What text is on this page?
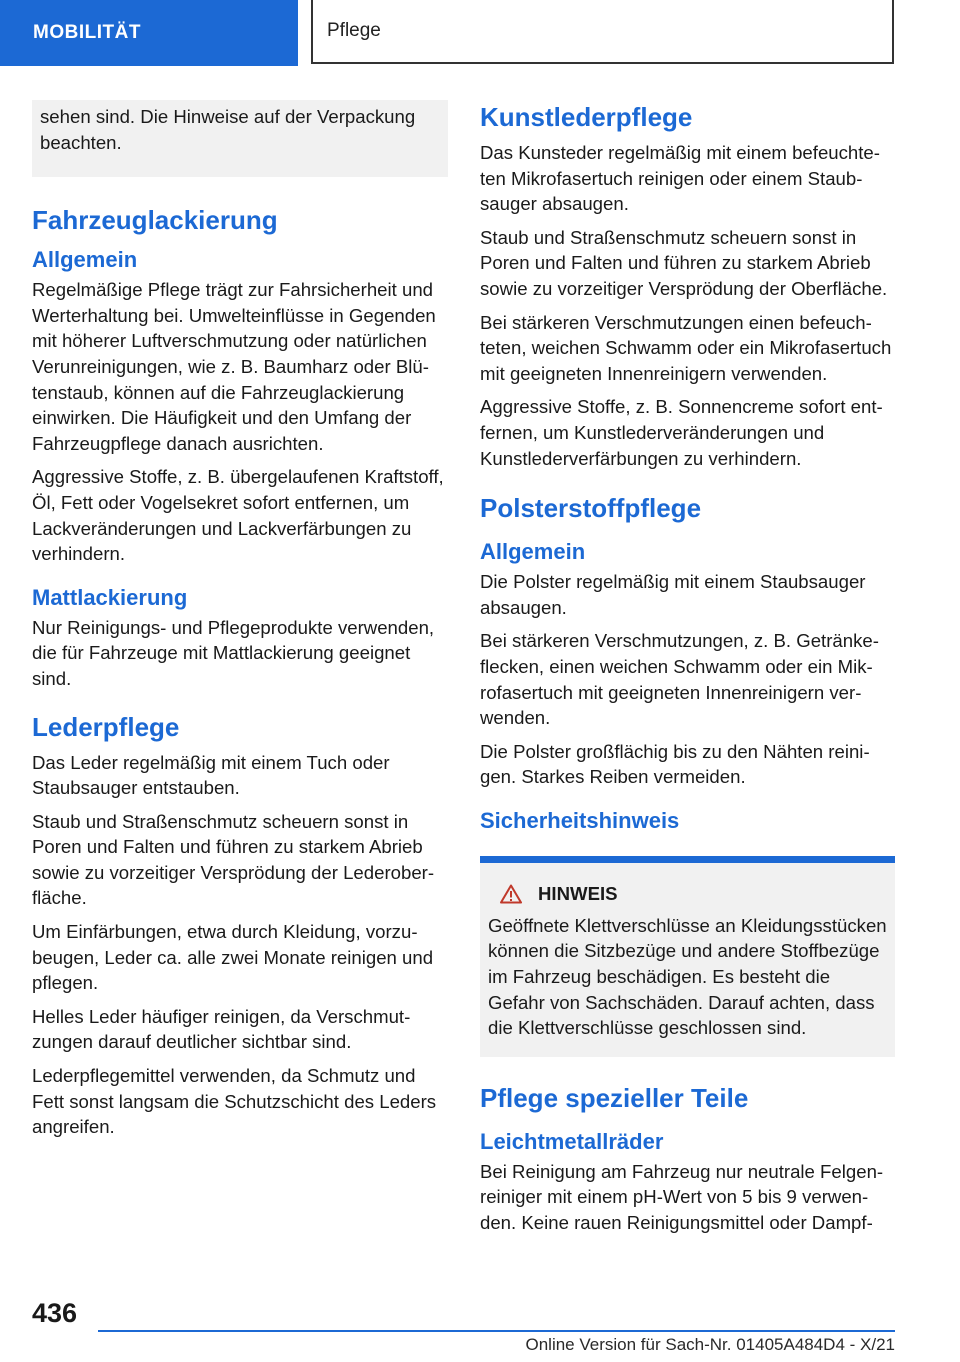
MOBILITÄT	Pflege

sehen sind. Die Hinweise auf der Verpackung beachten.

Fahrzeuglackierung
Allgemein

Regelmäßige Pflege trägt zur Fahrsicherheit und Werterhaltung bei. Umwelteinflüsse in Gegenden mit höherer Luftverschmutzung oder natürlichen Verunreinigungen, wie z. B. Baumharz oder Blütenstaub, können auf die Fahrzeuglackierung einwirken. Die Häufigkeit und den Umfang der Fahrzeugpflege danach ausrichten.

Aggressive Stoffe, z. B. übergelaufenen Kraftstoff, Öl, Fett oder Vogelsekret sofort entfernen, um Lackveränderungen und Lackverfärbungen zu verhindern.

Mattlackierung

Nur Reinigungs- und Pflegeprodukte verwenden, die für Fahrzeuge mit Mattlackierung geeignet sind.

Lederpflege

Das Leder regelmäßig mit einem Tuch oder Staubsauger entstauben.

Staub und Straßenschmutz scheuern sonst in Poren und Falten und führen zu starkem Abrieb sowie zu vorzeitiger Versprödung der Lederoberfläche.

Um Einfärbungen, etwa durch Kleidung, vorzubeugen, Leder ca. alle zwei Monate reinigen und pflegen.

Helles Leder häufiger reinigen, da Verschmutzungen darauf deutlicher sichtbar sind.

Lederpflegemittel verwenden, da Schmutz und Fett sonst langsam die Schutzschicht des Leders angreifen.

Kunstlederpflege

Das Kunsteder regelmäßig mit einem befeuchteten Mikrofasertuch reinigen oder einem Staubsauger absaugen.

Staub und Straßenschmutz scheuern sonst in Poren und Falten und führen zu starkem Abrieb sowie zu vorzeitiger Versprödung der Oberfläche.

Bei stärkeren Verschmutzungen einen befeuchteten, weichen Schwamm oder ein Mikrofasertuch mit geeigneten Innenreinigern verwenden.

Aggressive Stoffe, z. B. Sonnencreme sofort entfernen, um Kunstlederveränderungen und Kunstlederverfärbungen zu verhindern.

Polsterstoffpflege
Allgemein

Die Polster regelmäßig mit einem Staubsauger absaugen.

Bei stärkeren Verschmutzungen, z. B. Getränkeflecken, einen weichen Schwamm oder ein Mikrofasertuch mit geeigneten Innenreinigern verwenden.

Die Polster großflächig bis zu den Nähten reinigen. Starkes Reiben vermeiden.

Sicherheitshinweis
HINWEIS

Geöffnete Klettverschlüsse an Kleidungsstücken können die Sitzbezüge und andere Stoffbezüge im Fahrzeug beschädigen. Es besteht die Gefahr von Sachschäden. Darauf achten, dass die Klettverschlüsse geschlossen sind.

Pflege spezieller Teile
Leichtmetallräder

Bei Reinigung am Fahrzeug nur neutrale Felgenreiniger mit einem pH-Wert von 5 bis 9 verwenden. Keine rauen Reinigungsmittel oder Dampf-

436
Online Version für Sach-Nr. 01405A484D4 - X/21
